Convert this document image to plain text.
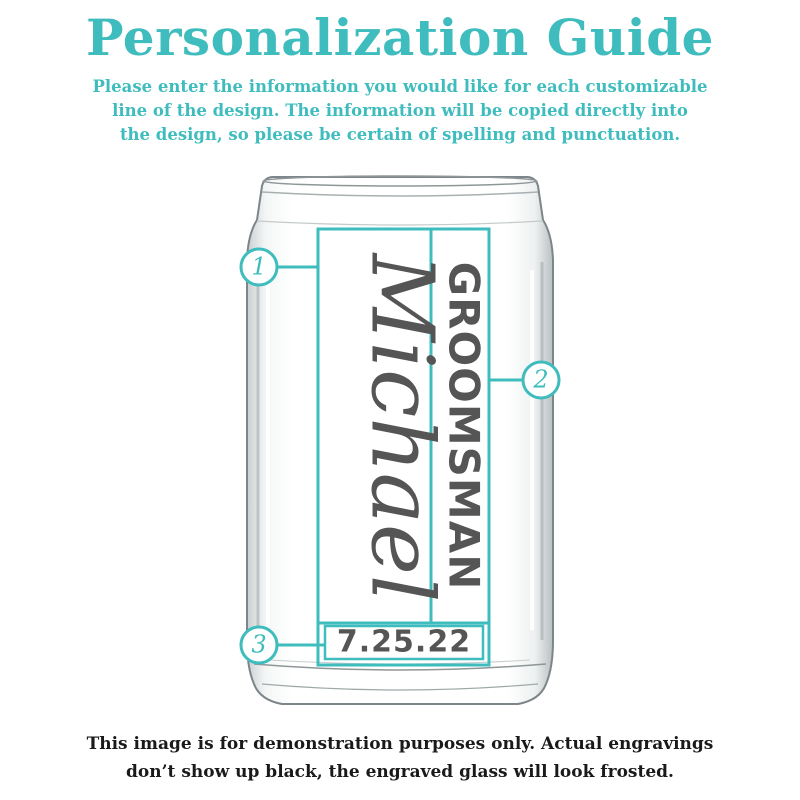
Personalization Guide
Please enter the information you would like for each customizable
line of the design. The information will be copied directly into
the design, so please be certain of spelling and punctuation.
Michael
GROOMSMAN
7.25.22
1
2
3
This image is for demonstration purposes only. Actual engravings
don’t show up black, the engraved glass will look frosted.
